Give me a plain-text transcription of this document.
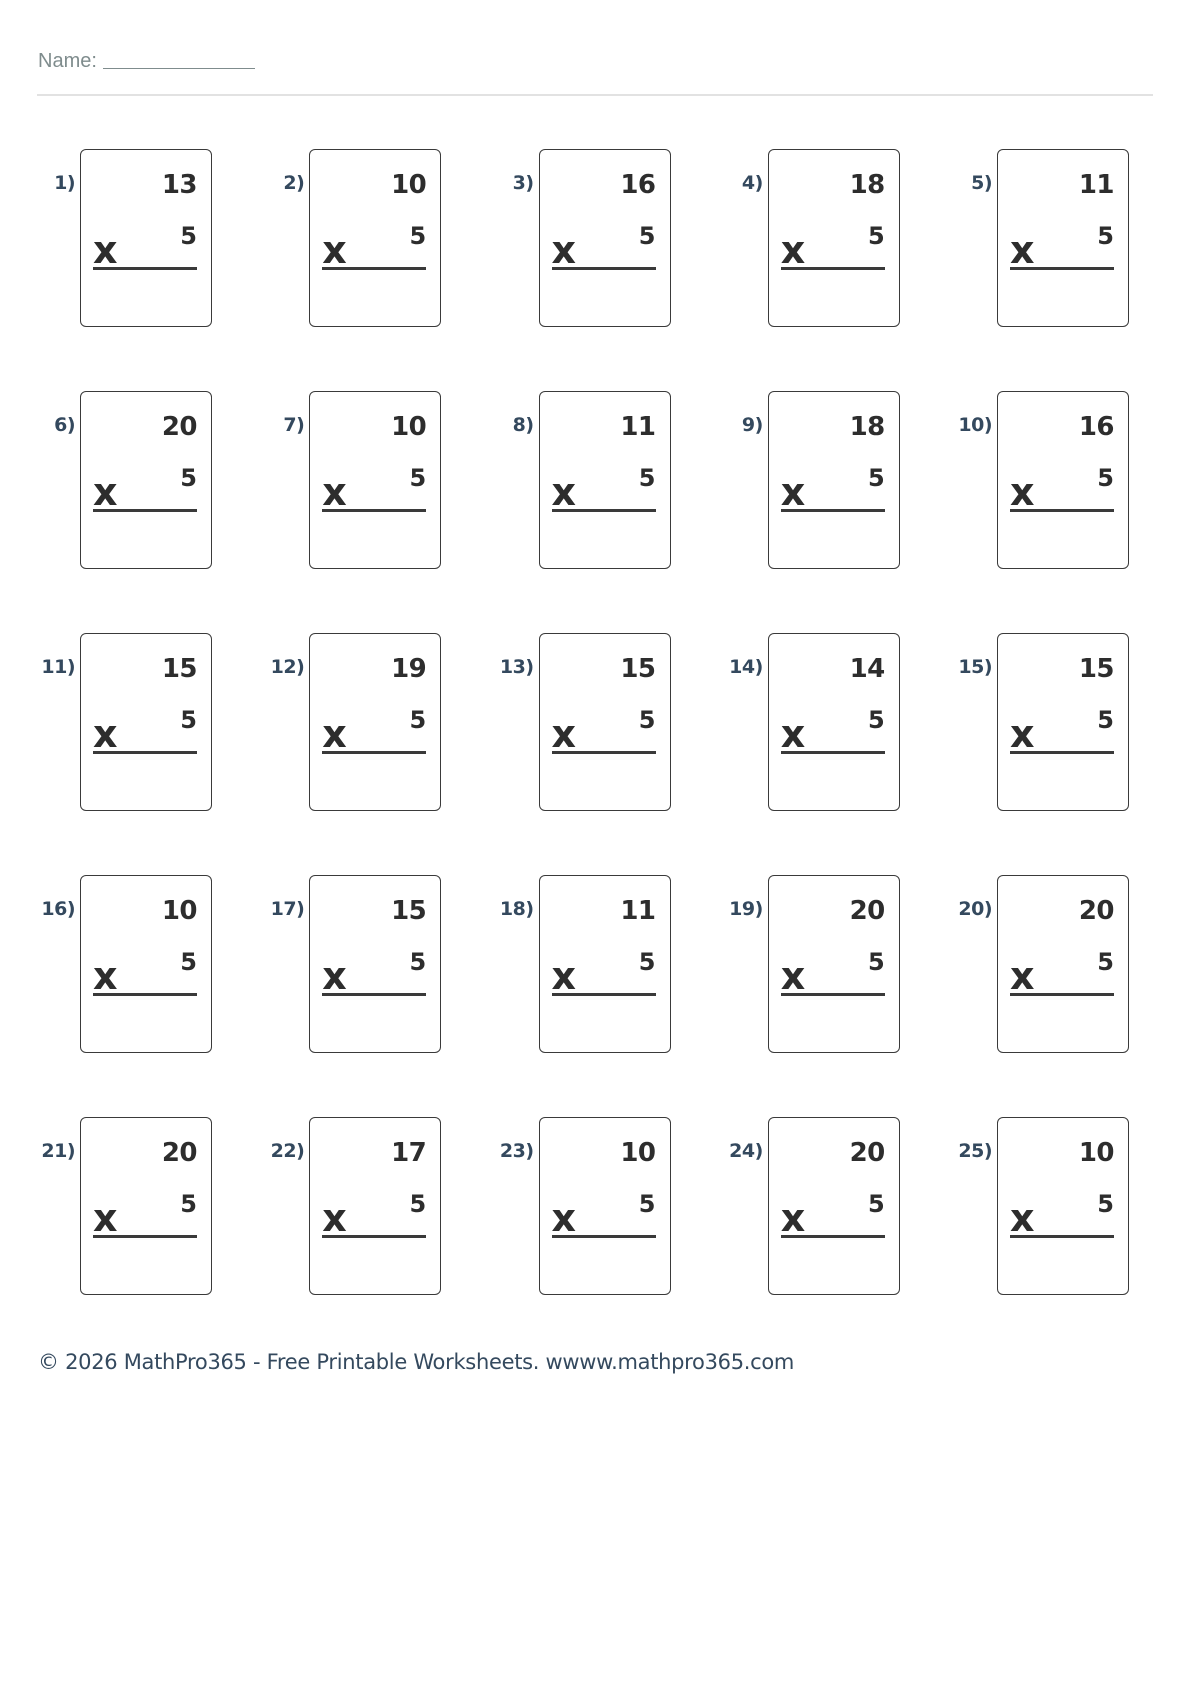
Name:
1)	13
x	5
2)	10
x	5
3)	16
x	5
4)	18
x	5
5)	11
x	5
6)	20
x	5
7)	10
x	5
8)	11
x	5
9)	18
x	5
10)	16
x	5
11)	15
x	5
12)	19
x	5
13)	15
x	5
14)	14
x	5
15)	15
x	5
16)	10
x	5
17)	15
x	5
18)	11
x	5
19)	20
x	5
20)	20
x	5
21)	20
x	5
22)	17
x	5
23)	10
x	5
24)	20
x	5
25)	10
x	5
© 2026 MathPro365 - Free Printable Worksheets. wwww.mathpro365.com
